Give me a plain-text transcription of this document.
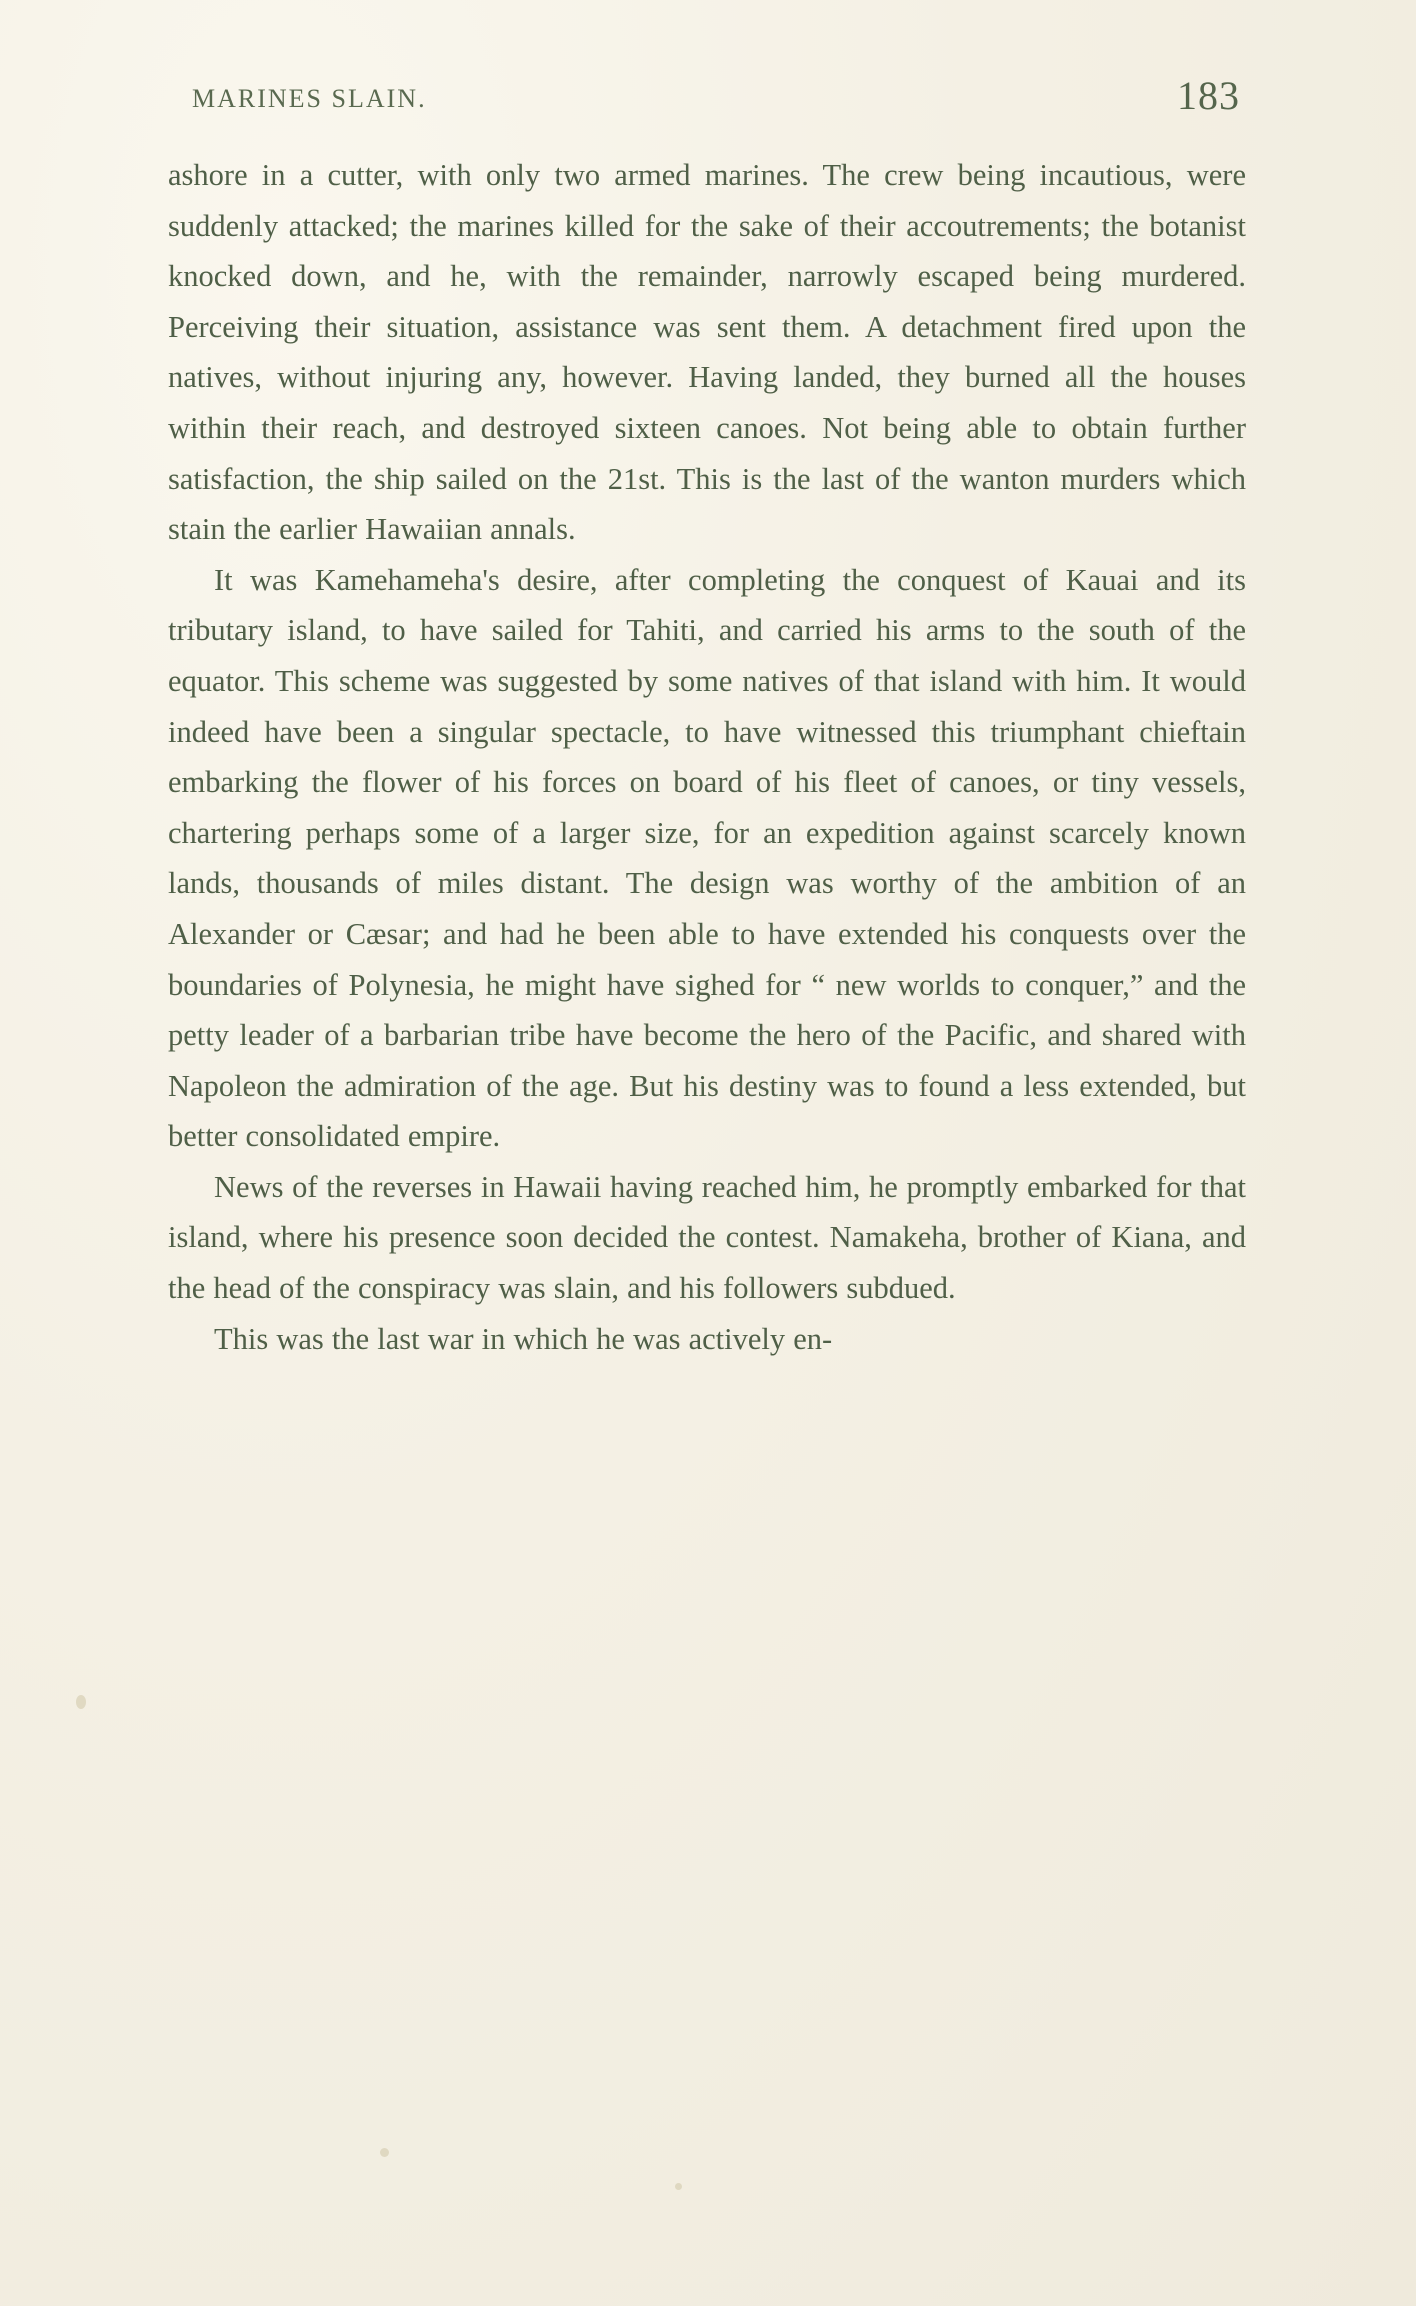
MARINES SLAIN.	183

ashore in a cutter, with only two armed marines. The crew being incautious, were suddenly attacked; the marines killed for the sake of their accoutrements; the botanist knocked down, and he, with the remainder, narrowly escaped being murdered. Perceiving their situation, assistance was sent them. A detachment fired upon the natives, without injuring any, however. Having landed, they burned all the houses within their reach, and destroyed sixteen canoes. Not being able to obtain further satisfaction, the ship sailed on the 21st. This is the last of the wanton murders which stain the earlier Hawaiian annals.

It was Kamehameha's desire, after completing the conquest of Kauai and its tributary island, to have sailed for Tahiti, and carried his arms to the south of the equator. This scheme was suggested by some natives of that island with him. It would indeed have been a singular spectacle, to have witnessed this triumphant chieftain embarking the flower of his forces on board of his fleet of canoes, or tiny vessels, chartering perhaps some of a larger size, for an expedition against scarcely known lands, thousands of miles distant. The design was worthy of the ambition of an Alexander or Cæsar; and had he been able to have extended his conquests over the boundaries of Polynesia, he might have sighed for “ new worlds to conquer,” and the petty leader of a barbarian tribe have become the hero of the Pacific, and shared with Napoleon the admiration of the age. But his destiny was to found a less extended, but better consolidated empire.

News of the reverses in Hawaii having reached him, he promptly embarked for that island, where his presence soon decided the contest. Namakeha, brother of Kiana, and the head of the conspiracy was slain, and his followers subdued.

This was the last war in which he was actively en-
